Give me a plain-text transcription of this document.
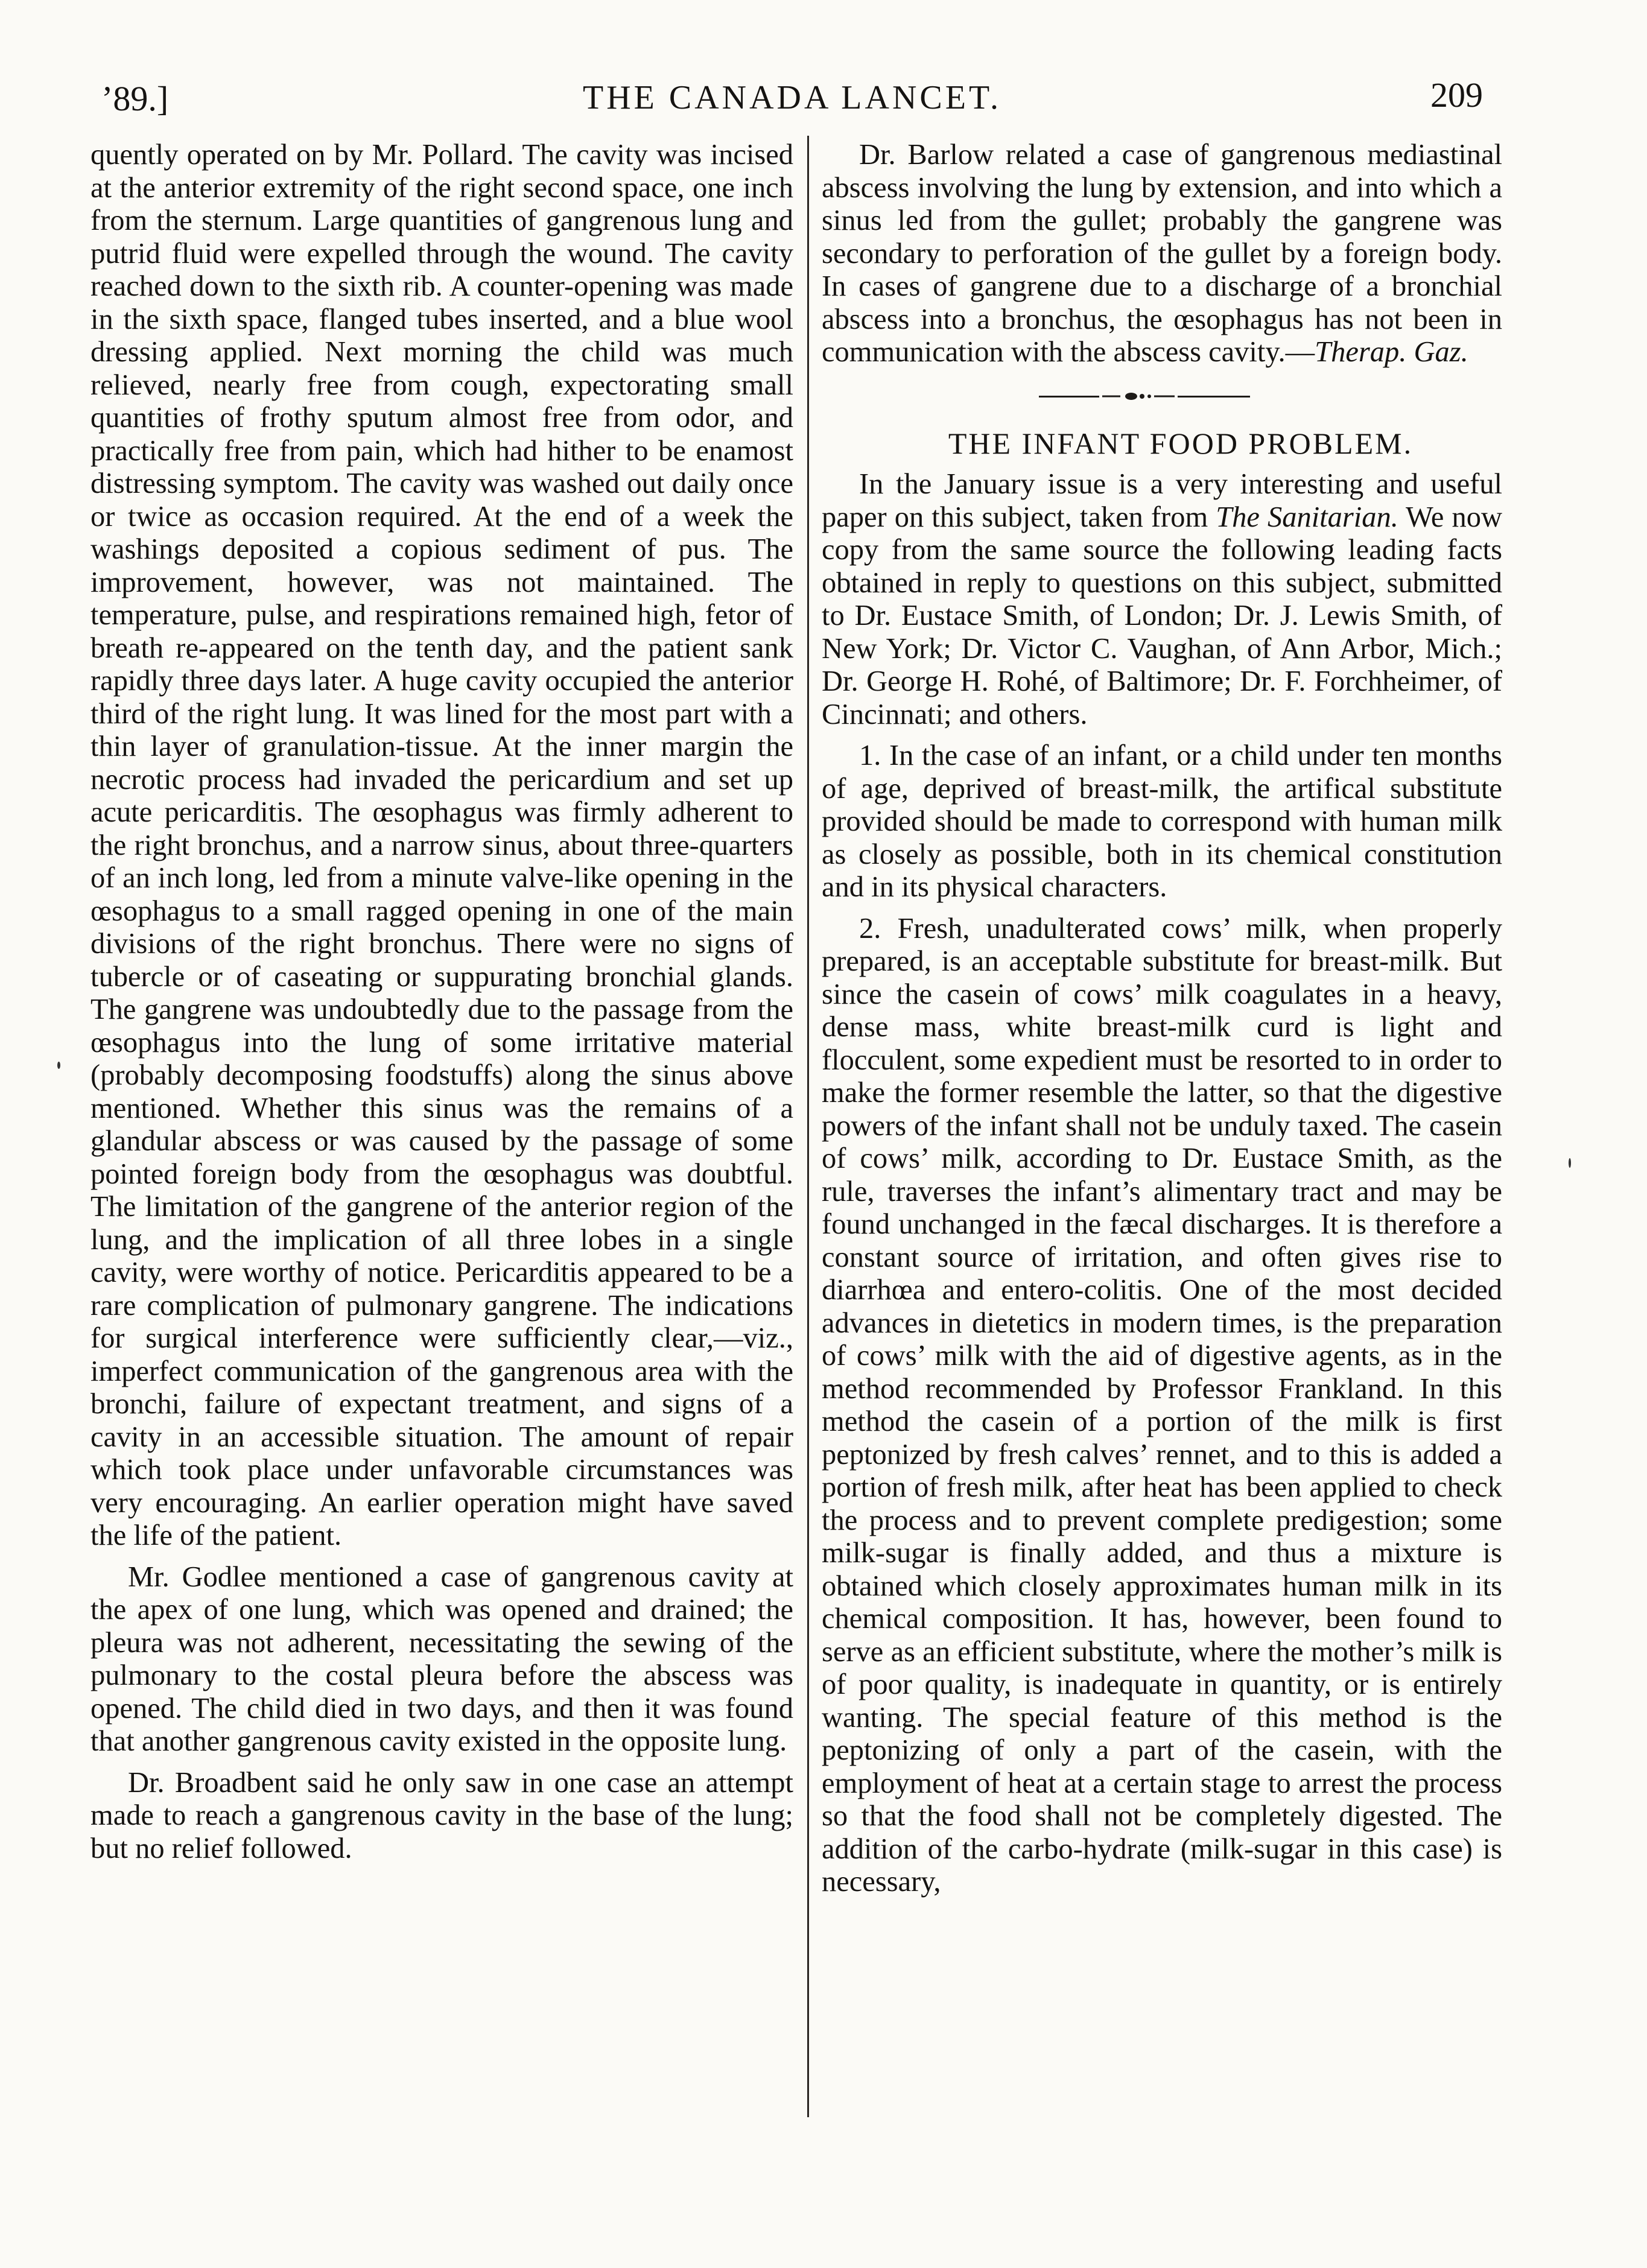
’89.]	THE CANADA LANCET.	209

quently operated on by Mr. Pollard. The cavity was incised at the anterior extremity of the right second space, one inch from the sternum. Large quantities of gangrenous lung and putrid fluid were expelled through the wound. The cavity reached down to the sixth rib. A counter-opening was made in the sixth space, flanged tubes inserted, and a blue wool dressing applied. Next morning the child was much relieved, nearly free from cough, expectorating small quantities of frothy sputum almost free from odor, and practically free from pain, which had hither to be enamost distressing symptom. The cavity was washed out daily once or twice as occasion required. At the end of a week the washings deposited a copious sediment of pus. The improvement, however, was not maintained. The temperature, pulse, and respirations remained high, fetor of breath re-appeared on the tenth day, and the patient sank rapidly three days later. A huge cavity occupied the anterior third of the right lung. It was lined for the most part with a thin layer of granulation-tissue. At the inner margin the necrotic process had invaded the pericardium and set up acute pericarditis. The œsophagus was firmly adherent to the right bronchus, and a narrow sinus, about three-quarters of an inch long, led from a minute valve-like opening in the œsophagus to a small ragged opening in one of the main divisions of the right bronchus. There were no signs of tubercle or of caseating or suppurating bronchial glands. The gangrene was undoubtedly due to the passage from the œsophagus into the lung of some irritative material (probably decomposing foodstuffs) along the sinus above mentioned. Whether this sinus was the remains of a glandular abscess or was caused by the passage of some pointed foreign body from the œsophagus was doubtful. The limitation of the gangrene of the anterior region of the lung, and the implication of all three lobes in a single cavity, were worthy of notice. Pericarditis appeared to be a rare complication of pulmonary gangrene. The indications for surgical interference were sufficiently clear,—viz., imperfect communication of the gangrenous area with the bronchi, failure of expectant treatment, and signs of a cavity in an accessible situation. The amount of repair which took place under unfavorable circumstances was very encouraging. An earlier operation might have saved the life of the patient.

Mr. Godlee mentioned a case of gangrenous cavity at the apex of one lung, which was opened and drained; the pleura was not adherent, necessitating the sewing of the pulmonary to the costal pleura before the abscess was opened. The child died in two days, and then it was found that another gangrenous cavity existed in the opposite lung.

Dr. Broadbent said he only saw in one case an attempt made to reach a gangrenous cavity in the base of the lung; but no relief followed.

Dr. Barlow related a case of gangrenous mediastinal abscess involving the lung by extension, and into which a sinus led from the gullet; probably the gangrene was secondary to perforation of the gullet by a foreign body. In cases of gangrene due to a discharge of a bronchial abscess into a bronchus, the œsophagus has not been in communication with the abscess cavity.—Therap. Gaz.

THE INFANT FOOD PROBLEM.

In the January issue is a very interesting and useful paper on this subject, taken from The Sanitarian. We now copy from the same source the following leading facts obtained in reply to questions on this subject, submitted to Dr. Eustace Smith, of London; Dr. J. Lewis Smith, of New York; Dr. Victor C. Vaughan, of Ann Arbor, Mich.; Dr. George H. Rohé, of Baltimore; Dr. F. Forchheimer, of Cincinnati; and others.

1. In the case of an infant, or a child under ten months of age, deprived of breast-milk, the artifical substitute provided should be made to correspond with human milk as closely as possible, both in its chemical constitution and in its physical characters.

2. Fresh, unadulterated cows’ milk, when properly prepared, is an acceptable substitute for breast-milk. But since the casein of cows’ milk coagulates in a heavy, dense mass, white breast-milk curd is light and flocculent, some expedient must be resorted to in order to make the former resemble the latter, so that the digestive powers of the infant shall not be unduly taxed. The casein of cows’ milk, according to Dr. Eustace Smith, as the rule, traverses the infant’s alimentary tract and may be found unchanged in the fæcal discharges. It is therefore a constant source of irritation, and often gives rise to diarrhœa and entero-colitis. One of the most decided advances in dietetics in modern times, is the preparation of cows’ milk with the aid of digestive agents, as in the method recommended by Professor Frankland. In this method the casein of a portion of the milk is first peptonized by fresh calves’ rennet, and to this is added a portion of fresh milk, after heat has been applied to check the process and to prevent complete predigestion; some milk-sugar is finally added, and thus a mixture is obtained which closely approximates human milk in its chemical composition. It has, however, been found to serve as an efficient substitute, where the mother’s milk is of poor quality, is inadequate in quantity, or is entirely wanting. The special feature of this method is the peptonizing of only a part of the casein, with the employment of heat at a certain stage to arrest the process so that the food shall not be completely digested. The addition of the carbo-hydrate (milk-sugar in this case) is necessary,
